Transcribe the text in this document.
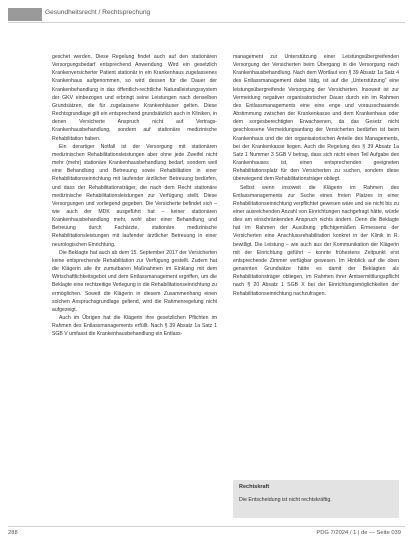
Gesundheitsrecht / Rechtsprechung

geschet werden. Diese Regelung findet auch auf den stationären Versorgungsbedarf entsprechend Anwendung. Wird ein gesetzlich Krankenversicherter Patient stationär in ein Krankenhaus zugelassenes Krankenhaus aufgenommen, so wird dessen für die Dauer der Krankenbehandlung in das öffentlich-rechtliche Naturalleistungssystem der GKV einbezogen und erbringt seine Leistungen nach denselben Grundsätzen, die für zugelassene Krankenhäuser gelten. Diese Rechtsgrundlage gilt ein entsprechend grundsätzlich auch in Kliniken, in denen Versicherte Anspruch nicht auf Vertrags-Krankenhausbehandlung, sondern auf stationäre medizinische Rehabilitation haben.

Ein derartiger Notfall ist der Versorgung mit stationären medizinischen Rehabilitationsleistungen aber ohne jede Zweifel nicht mehr (mehr) stationäre Krankenhausbehandlung bedarf, sondern weil eine Behandlung und Betreuung sowie Rehabilitation in einer Rehabilitationseinrichtung mit laufender ärztlicher Betreuung bedürfen, und dass der Rehabilitationsträger, die nach dem Recht stationäre medizinische Rehabilitationsleistungen zur Verfügung stellt. Diese Versorgungen und vorliegend gegeben. Die Versicherte befindet sich – wie auch der MDK ausgeführt hat – keiner stationären Krankenhausbehandlung mehr, wohl aber einer Behandlung und Betreuung durch Fachärzte, stationäre medizinische Rehabilitationsleistungen mit laufender ärztlicher Betreuung in einer neurologischen Einrichtung.

Die Beklagte hat auch ab dem 15. September 2017 der Versicherten keine entsprechende Rehabilitation zur Verfügung gestellt. Zudem hat die Klägerin alle ihr zumutbaren Maßnahmen im Einklang mit dem Wirtschaftlichkeitsgebot und dem Entlassmanagement ergriffen, um die Beklagte eine rechtzeitige Verlegung in die Rehabilitationseinrichtung zu ermöglichen. Soweit die Klägerin in diesem Zusammenhang einen solchen Anspruchsgrundlage geltend, wird die Rahmenregelung nicht aufgezeigt.

Auch im Übrigen hat die Klägerin ihre gesetzlichen Pflichten im Rahmen des Entlassmanagements erfüllt. Nach § 39 Absatz 1a Satz 1 SGB V umfasst die Krankenhausbehandlung ein Entlass-

management zur Unterstützung einer Leistungsübergreifenden Versorgung der Versicherten beim Übergang in die Versorgung nach Krankenhausbehandlung. Nach dem Wortlaut von § 39 Absatz 1a Satz 4 des Entlassmanagement dabei tätig, ist auf die „Unterstützung“ eine leistungsübergreifende Versorgung der Versicherten. Insoweit ist zur Vermeidung negativer organisatorischer Dauer durch ein im Rahmen des Entlassmanagements eine eine enge und vorausschauende Abstimmung zwischen der Krankenkasse und dem Krankenhaus oder dem sorgesberechtigten Erwachsenen, da das Gesetz nicht geschlossene Vermeidungsanfang der Versicherten bedürfen ist beim Krankenhaus und die der organisatorischen Anteile des Managements, bei der Krankenkasse liegen. Auch die Regelung des § 39 Absatz 1a Satz 1 Nummer 3 SGB V betrag, dass sich nicht einen Teil Aufgabe des Krankenhauses ist, einen entsprechenden geeigneten Rehabilitationsplatz für den Versicherten zu suchen, sondern diese überwiegend dem Rehabilitationsträger obliegt.

Selbst wenn insoweit die Klägerin im Rahmen des Entlassmanagements zur Suche eines freien Platzes in einer Rehabilitationseinrichtung verpflichtet gewesen wäre und sie nicht bis zu einer ausreichenden Anzahl von Einrichtungen nachgefragt hätte, würde dies am einschränkenden Anspruch nichts ändern. Denn die Beklagte hat im Rahmen der Ausübung pflichtgemäßen Ermessens der Versicherten eine Anschlussrehabilitation konkret in der Klinik in R. bewilligt. Die Leistung – wie auch aus der Kommunikation der Klägerin mit der Einrichtung geführt – konnte frühestens Zeitpunkt erst entsprechende Zimmer verfügbar gewesen. Im Hinblick auf die oben genannten Grundsätze hätte es damit der Beklagten als Rehabilitationsträger obliegen, im Rahmen ihrer Amtsermittlungspflicht nach § 20 Absatz 1 SGB X bei der Einrichtungsmöglichkeiten der Rehabilitationseinrichtung nachzufragen.

Rechtskraft
Die Entscheidung ist nicht rechtskräftig.
288	PDG 7/2024 / 1 | de — Seite 039
